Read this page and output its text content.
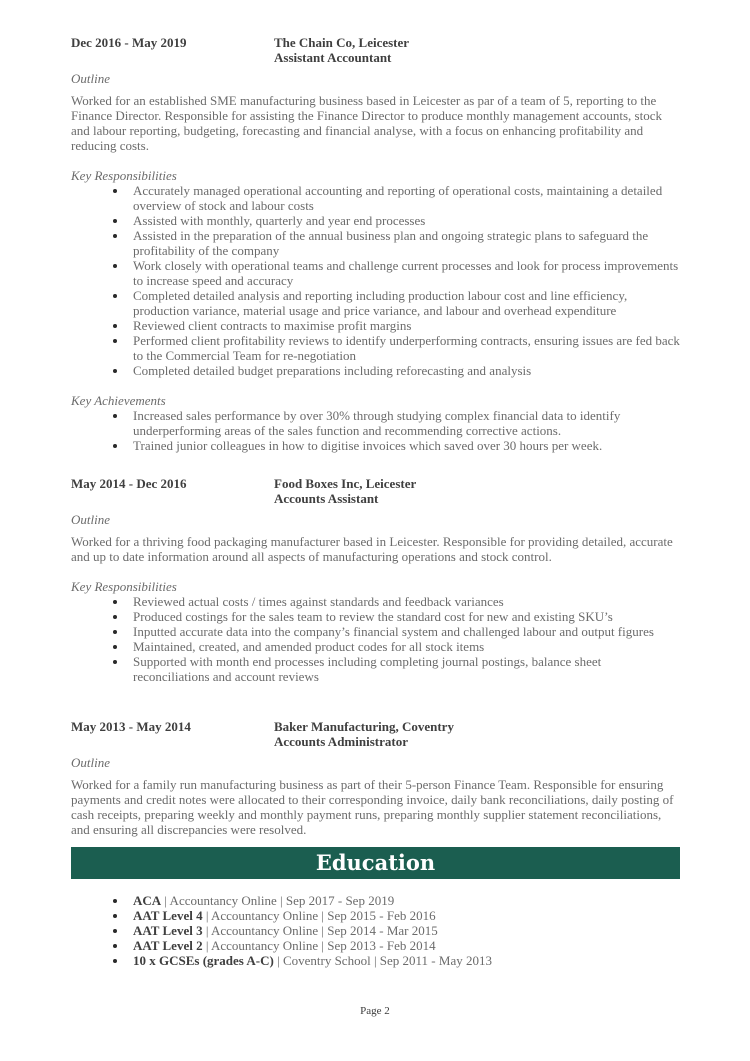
Dec 2016 - May 2019	The Chain Co, Leicester
Assistant Accountant
Outline

Worked for an established SME manufacturing business based in Leicester as par of a team of 5, reporting to the Finance Director. Responsible for assisting the Finance Director to produce monthly management accounts, stock and labour reporting, budgeting, forecasting and financial analyse, with a focus on enhancing profitability and reducing costs.

Key Responsibilities
Accurately managed operational accounting and reporting of operational costs, maintaining a detailed overview of stock and labour costs
Assisted with monthly, quarterly and year end processes
Assisted in the preparation of the annual business plan and ongoing strategic plans to safeguard the profitability of the company
Work closely with operational teams and challenge current processes and look for process improvements to increase speed and accuracy
Completed detailed analysis and reporting including production labour cost and line efficiency, production variance, material usage and price variance, and labour and overhead expenditure
Reviewed client contracts to maximise profit margins
Performed client profitability reviews to identify underperforming contracts, ensuring issues are fed back to the Commercial Team for re-negotiation
Completed detailed budget preparations including reforecasting and analysis
Key Achievements
Increased sales performance by over 30% through studying complex financial data to identify underperforming areas of the sales function and recommending corrective actions.
Trained junior colleagues in how to digitise invoices which saved over 30 hours per week.
May 2014 - Dec 2016	Food Boxes Inc, Leicester
Accounts Assistant
Outline

Worked for a thriving food packaging manufacturer based in Leicester. Responsible for providing detailed, accurate and up to date information around all aspects of manufacturing operations and stock control.

Key Responsibilities
Reviewed actual costs / times against standards and feedback variances
Produced costings for the sales team to review the standard cost for new and existing SKU’s
Inputted accurate data into the company’s financial system and challenged labour and output figures
Maintained, created, and amended product codes for all stock items
Supported with month end processes including completing journal postings, balance sheet reconciliations and account reviews
May 2013 - May 2014	Baker Manufacturing, Coventry
Accounts Administrator
Outline

Worked for a family run manufacturing business as part of their 5-person Finance Team. Responsible for ensuring payments and credit notes were allocated to their corresponding invoice, daily bank reconciliations, daily posting of cash receipts, preparing weekly and monthly payment runs, preparing monthly supplier statement reconciliations, and ensuring all discrepancies were resolved.

Education
ACA | Accountancy Online | Sep 2017 - Sep 2019
AAT Level 4 | Accountancy Online | Sep 2015 - Feb 2016
AAT Level 3 | Accountancy Online | Sep 2014 - Mar 2015
AAT Level 2 | Accountancy Online | Sep 2013 - Feb 2014
10 x GCSEs (grades A-C) | Coventry School | Sep 2011 - May 2013
Page 2
